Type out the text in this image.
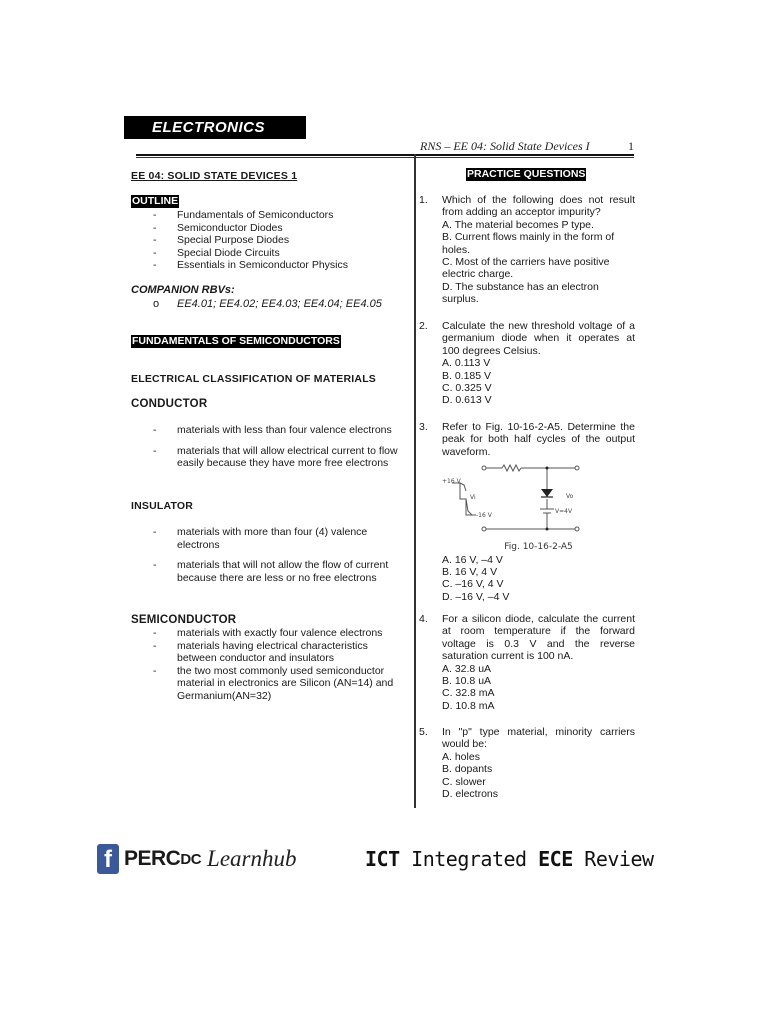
ELECTRONICS
RNS – EE 04: Solid State Devices I	1
EE 04: SOLID STATE DEVICES 1
OUTLINE
- Fundamentals of Semiconductors
- Semiconductor Diodes
- Special Purpose Diodes
- Special Diode Circuits
- Essentials in Semiconductor Physics
COMPANION RBVs:
o EE4.01; EE4.02; EE4.03; EE4.04; EE4.05
FUNDAMENTALS OF SEMICONDUCTORS
ELECTRICAL CLASSIFICATION OF MATERIALS
CONDUCTOR
- materials with less than four valence electrons
- materials that will allow electrical current to flow easily because they have more free electrons
INSULATOR
- materials with more than four (4) valence electrons
- materials that will not allow the flow of current because there are less or no free electrons
SEMICONDUCTOR
- materials with exactly four valence electrons
- materials having electrical characteristics between conductor and insulators
- the two most commonly used semiconductor material in electronics are Silicon (AN=14) and Germanium(AN=32)
PRACTICE QUESTIONS
1. Which of the following does not result from adding an acceptor impurity?
A. The material becomes P type.
B. Current flows mainly in the form of holes.
C. Most of the carriers have positive electric charge.
D. The substance has an electron surplus.
2. Calculate the new threshold voltage of a germanium diode when it operates at 100 degrees Celsius.
A. 0.113 V
B. 0.185 V
C. 0.325 V
D. 0.613 V
3. Refer to Fig. 10-16-2-A5. Determine the peak for both half cycles of the output waveform.
+16 V
-16 V
Vi	Vo
V=4V
Fig. 10-16-2-A5
A. 16 V, –4 V
B. 16 V, 4 V
C. –16 V, 4 V
D. –16 V, –4 V
4. For a silicon diode, calculate the current at room temperature if the forward voltage is 0.3 V and the reverse saturation current is 100 nA.
A. 32.8 uA
B. 10.8 uA
C. 32.8 mA
D. 10.8 mA
5. In "p" type material, minority carriers would be:
A. holes
B. dopants
C. slower
D. electrons
f PERC DC Learnhub	ICT Integrated ECE Review
